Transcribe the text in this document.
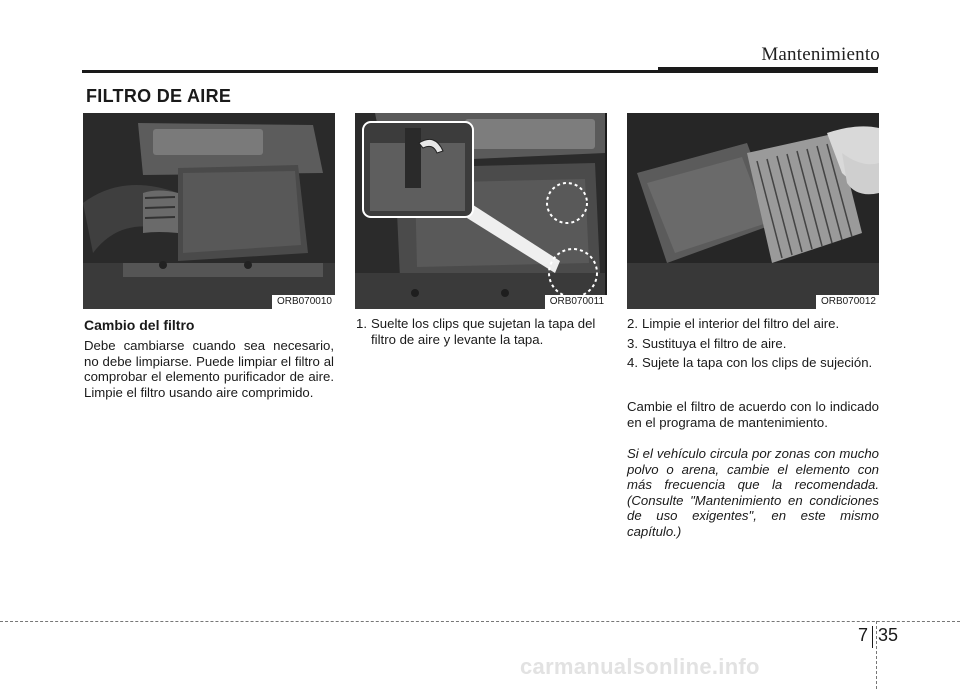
Mantenimiento
FILTRO DE AIRE
ORB070010	ORB070011	ORB070012
Cambio del filtro
Debe cambiarse cuando sea necesario, no debe limpiarse. Puede limpiar el filtro al comprobar el elemento purificador de aire. Limpie el filtro usando aire comprimido.
1. Suelte los clips que sujetan la tapa del filtro de aire y levante la tapa.
2. Limpie el interior del filtro del aire.
3. Sustituya el filtro de aire.
4. Sujete la tapa con los clips de sujeción.
Cambie el filtro de acuerdo con lo indicado en el programa de mantenimiento.
Si el vehículo circula por zonas con mucho polvo o arena, cambie el elemento con más frecuencia que la recomendada. (Consulte "Mantenimiento en condiciones de uso exigentes", en este mismo capítulo.)
7 35
carmanualsonline.info
